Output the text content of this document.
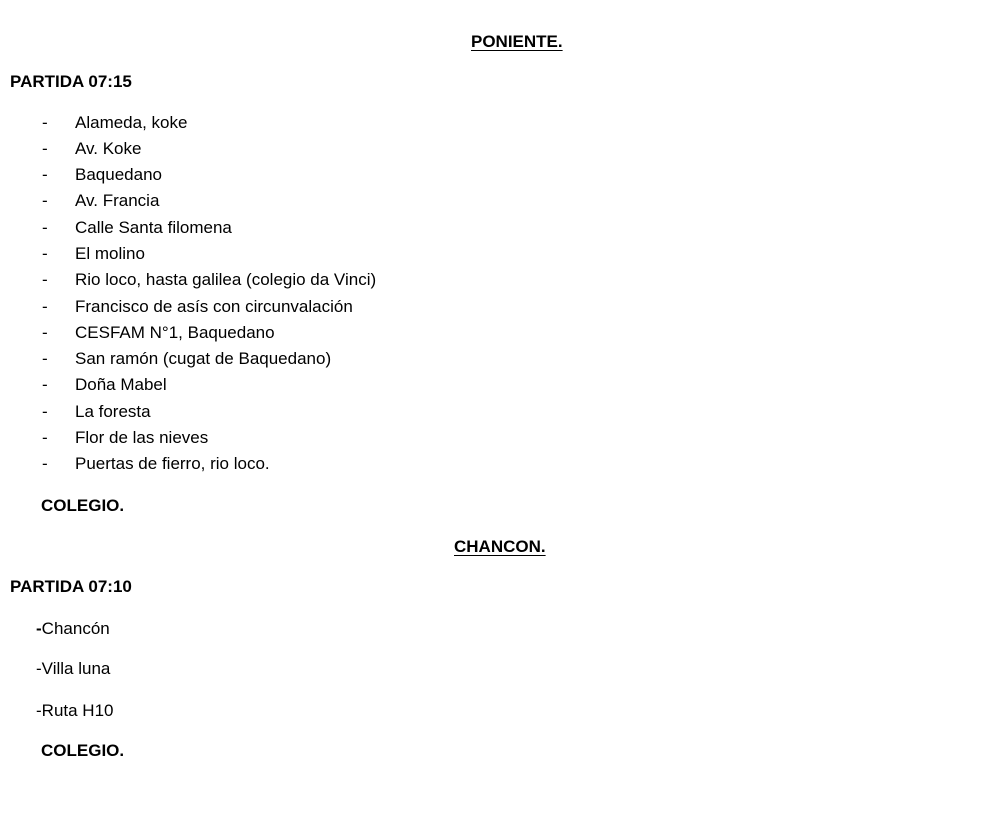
PONIENTE.
PARTIDA 07:15
- Alameda, koke
- Av. Koke
- Baquedano
- Av. Francia
- Calle Santa filomena
- El molino
- Rio loco, hasta galilea (colegio da Vinci)
- Francisco de asís con circunvalación
- CESFAM N°1, Baquedano
- San ramón (cugat de Baquedano)
- Doña Mabel
- La foresta
- Flor de las nieves
- Puertas de fierro, rio loco.
COLEGIO.
CHANCON.
PARTIDA 07:10
-Chancón
-Villa luna
-Ruta H10
COLEGIO.
